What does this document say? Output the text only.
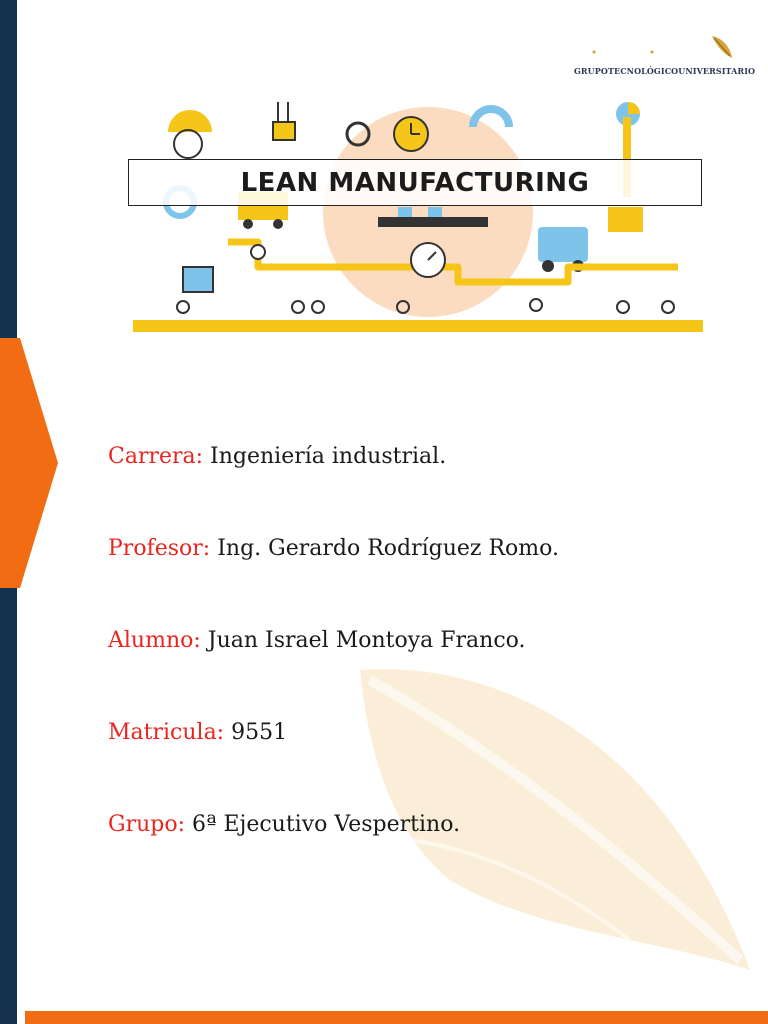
GRUPOTECNOLÓGICOUNIVERSITARIO
LEAN MANUFACTURING
Carrera: Ingeniería industrial.
Profesor: Ing. Gerardo Rodríguez Romo.
Alumno: Juan Israel Montoya Franco.
Matricula: 9551
Grupo: 6ª Ejecutivo Vespertino.
